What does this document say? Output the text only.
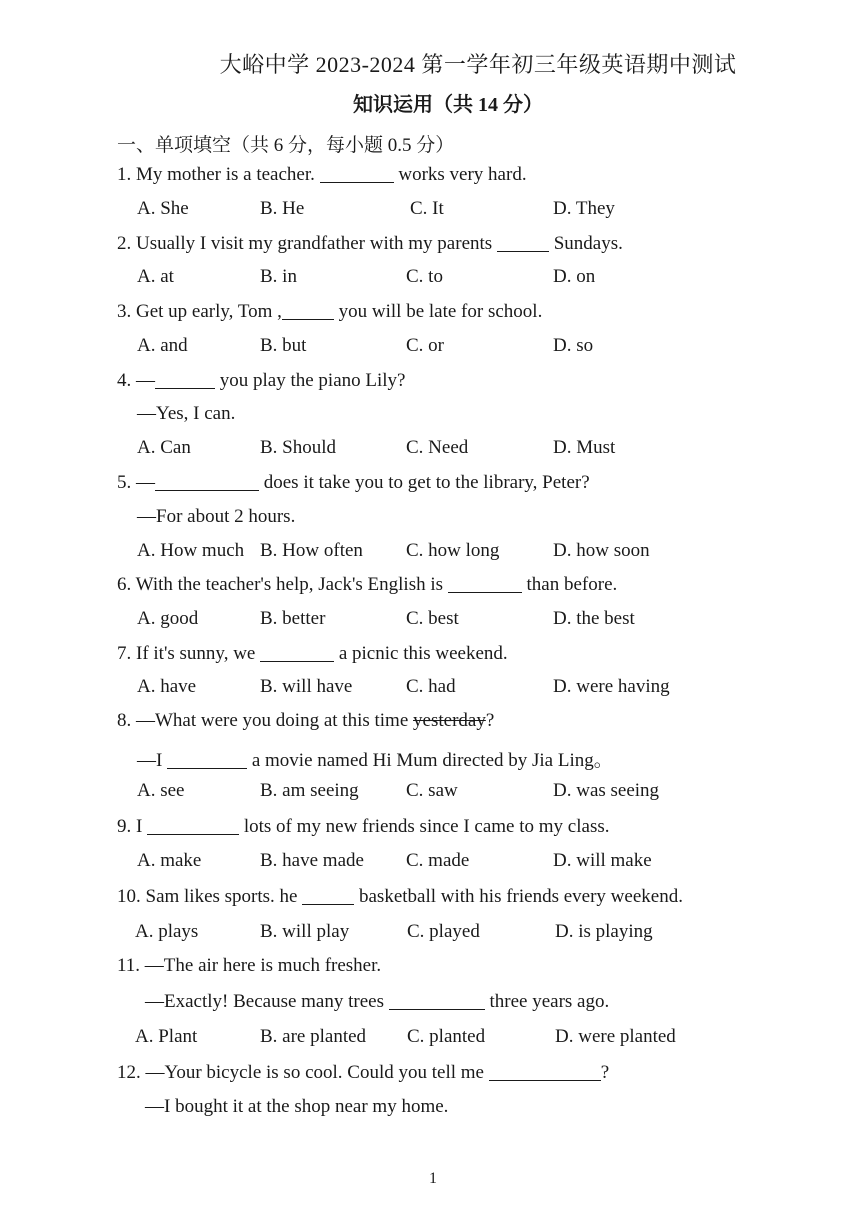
大峪中学 2023-2024 第一学年初三年级英语期中测试
知识运用（共 14 分）
一、单项填空（共 6 分，每小题 0.5 分）
1. My mother is a teacher.	works very hard.
A. She	B. He	C. It	D. They
2. Usually I visit my grandfather with my parents	Sundays.
A. at	B. in	C. to	D. on
3. Get up early, Tom ,	you will be late for school.
A. and	B. but	C. or	D. so
4. —	you play the piano Lily?
—Yes, I can.
A. Can	B. Should	C. Need	D. Must
5. —	does it take you to get to the library, Peter?
—For about 2 hours.
A. How much B. How often C. how long	D. how soon
6. With the teacher's help, Jack's English is	than before.
A. good	B. better	C. best	D. the best
7. If it's sunny, we	a picnic this weekend.
A. have	B. will have	C. had	D. were having
8. —What were you doing at this time yesterday?
—I	a movie named Hi Mum directed by Jia Ling。
A. see	B. am seeing C. saw	D. was seeing
9. I	lots of my new friends since I came to my class.
A. make	B. have made C. made	D. will make
10. Sam likes sports. he	basketball with his friends every weekend.
A. plays	B. will play	C. played	D. is playing
11. —The air here is much fresher.
—Exactly! Because many trees	three years ago.
A. Plant	B. are planted C. planted	D. were planted
12. —Your bicycle is so cool. Could you tell me	?
—I bought it at the shop near my home.
1
